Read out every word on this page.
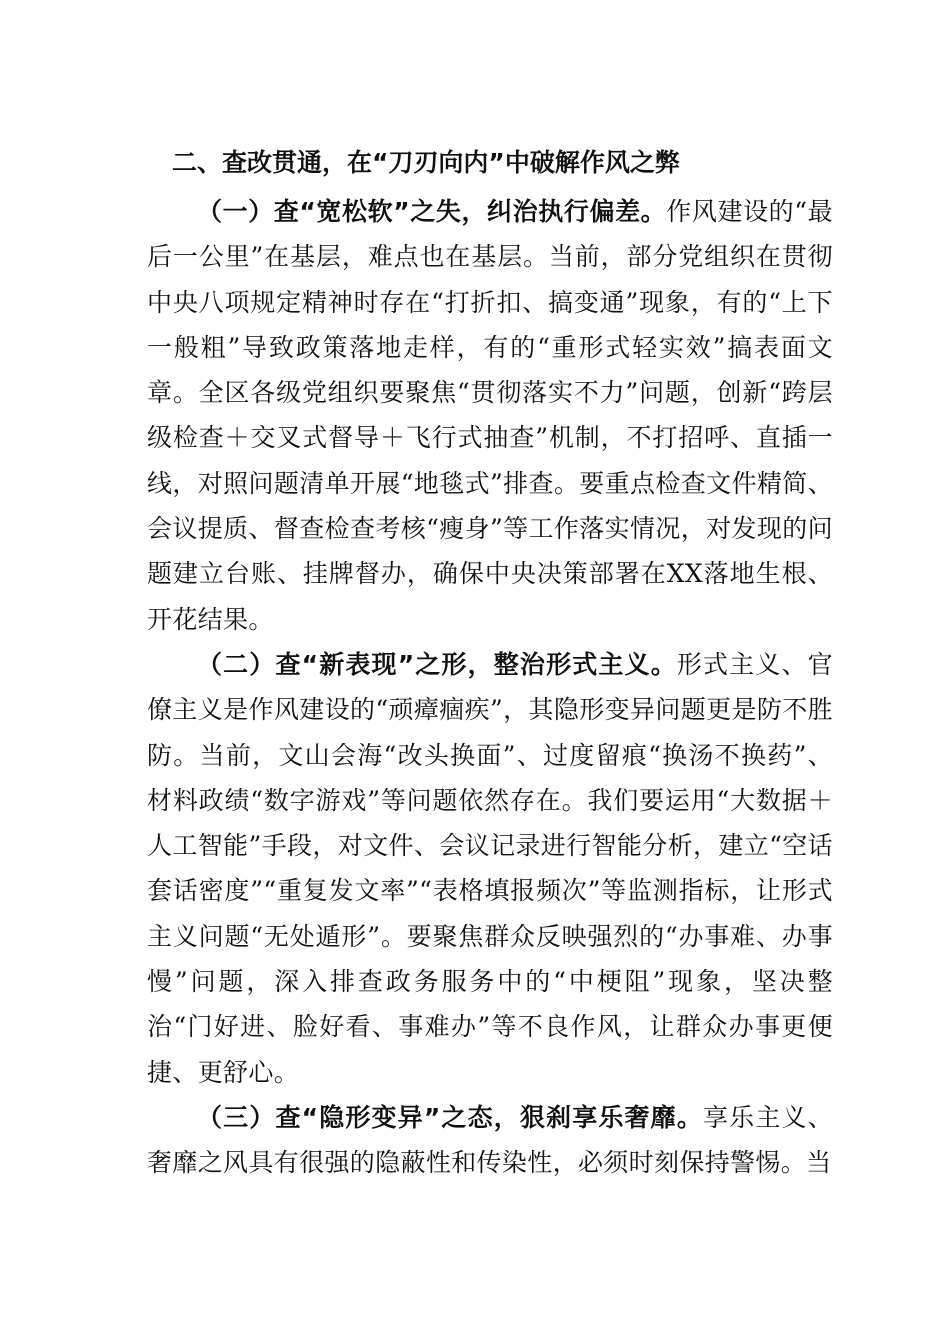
二、查改贯通，在“刀刃向内”中破解作风之弊

（一）查“宽松软”之失，纠治执行偏差。作风建设的“最后一公里”在基层，难点也在基层。当前，部分党组织在贯彻中央八项规定精神时存在“打折扣、搞变通”现象，有的“上下一般粗”导致政策落地走样，有的“重形式轻实效”搞表面文章。全区各级党组织要聚焦“贯彻落实不力”问题，创新“跨层级检查＋交叉式督导＋飞行式抽查”机制，不打招呼、直插一线，对照问题清单开展“地毯式”排查。要重点检查文件精简、会议提质、督查检查考核“瘦身”等工作落实情况，对发现的问题建立台账、挂牌督办，确保中央决策部署在XX落地生根、开花结果。

（二）查“新表现”之形，整治形式主义。形式主义、官僚主义是作风建设的“顽瘴痼疾”，其隐形变异问题更是防不胜防。当前，文山会海“改头换面”、过度留痕“换汤不换药”、材料政绩“数字游戏”等问题依然存在。我们要运用“大数据＋人工智能”手段，对文件、会议记录进行智能分析，建立“空话套话密度”“重复发文率”“表格填报频次”等监测指标，让形式主义问题“无处遁形”。要聚焦群众反映强烈的“办事难、办事慢”问题，深入排查政务服务中的“中梗阻”现象，坚决整治“门好进、脸好看、事难办”等不良作风，让群众办事更便捷、更舒心。

（三）查“隐形变异”之态，狠刹享乐奢靡。享乐主义、奢靡之风具有很强的隐蔽性和传染性，必须时刻保持警惕。当
